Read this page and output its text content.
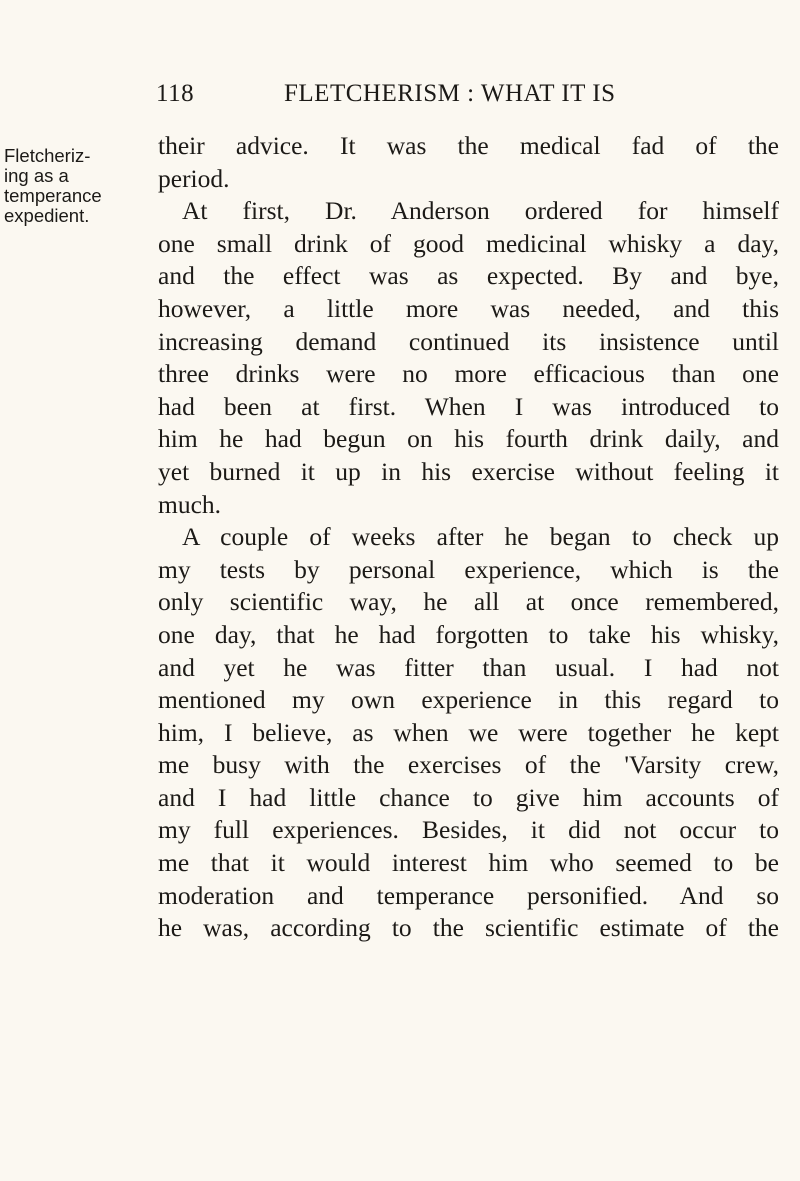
118	FLETCHERISM : WHAT IT IS
Fletcheriz-
ing as a
temperance
expedient.
their advice. It was the medical fad of the
period.
At first, Dr. Anderson ordered for himself
one small drink of good medicinal whisky a day,
and the effect was as expected. By and bye,
however, a little more was needed, and this
increasing demand continued its insistence until
three drinks were no more efficacious than one
had been at first. When I was introduced to
him he had begun on his fourth drink daily, and
yet burned it up in his exercise without feeling it
much.
A couple of weeks after he began to check up
my tests by personal experience, which is the
only scientific way, he all at once remembered,
one day, that he had forgotten to take his whisky,
and yet he was fitter than usual. I had not
mentioned my own experience in this regard to
him, I believe, as when we were together he kept
me busy with the exercises of the 'Varsity crew,
and I had little chance to give him accounts of
my full experiences. Besides, it did not occur to
me that it would interest him who seemed to be
moderation and temperance personified. And so
he was, according to the scientific estimate of the
